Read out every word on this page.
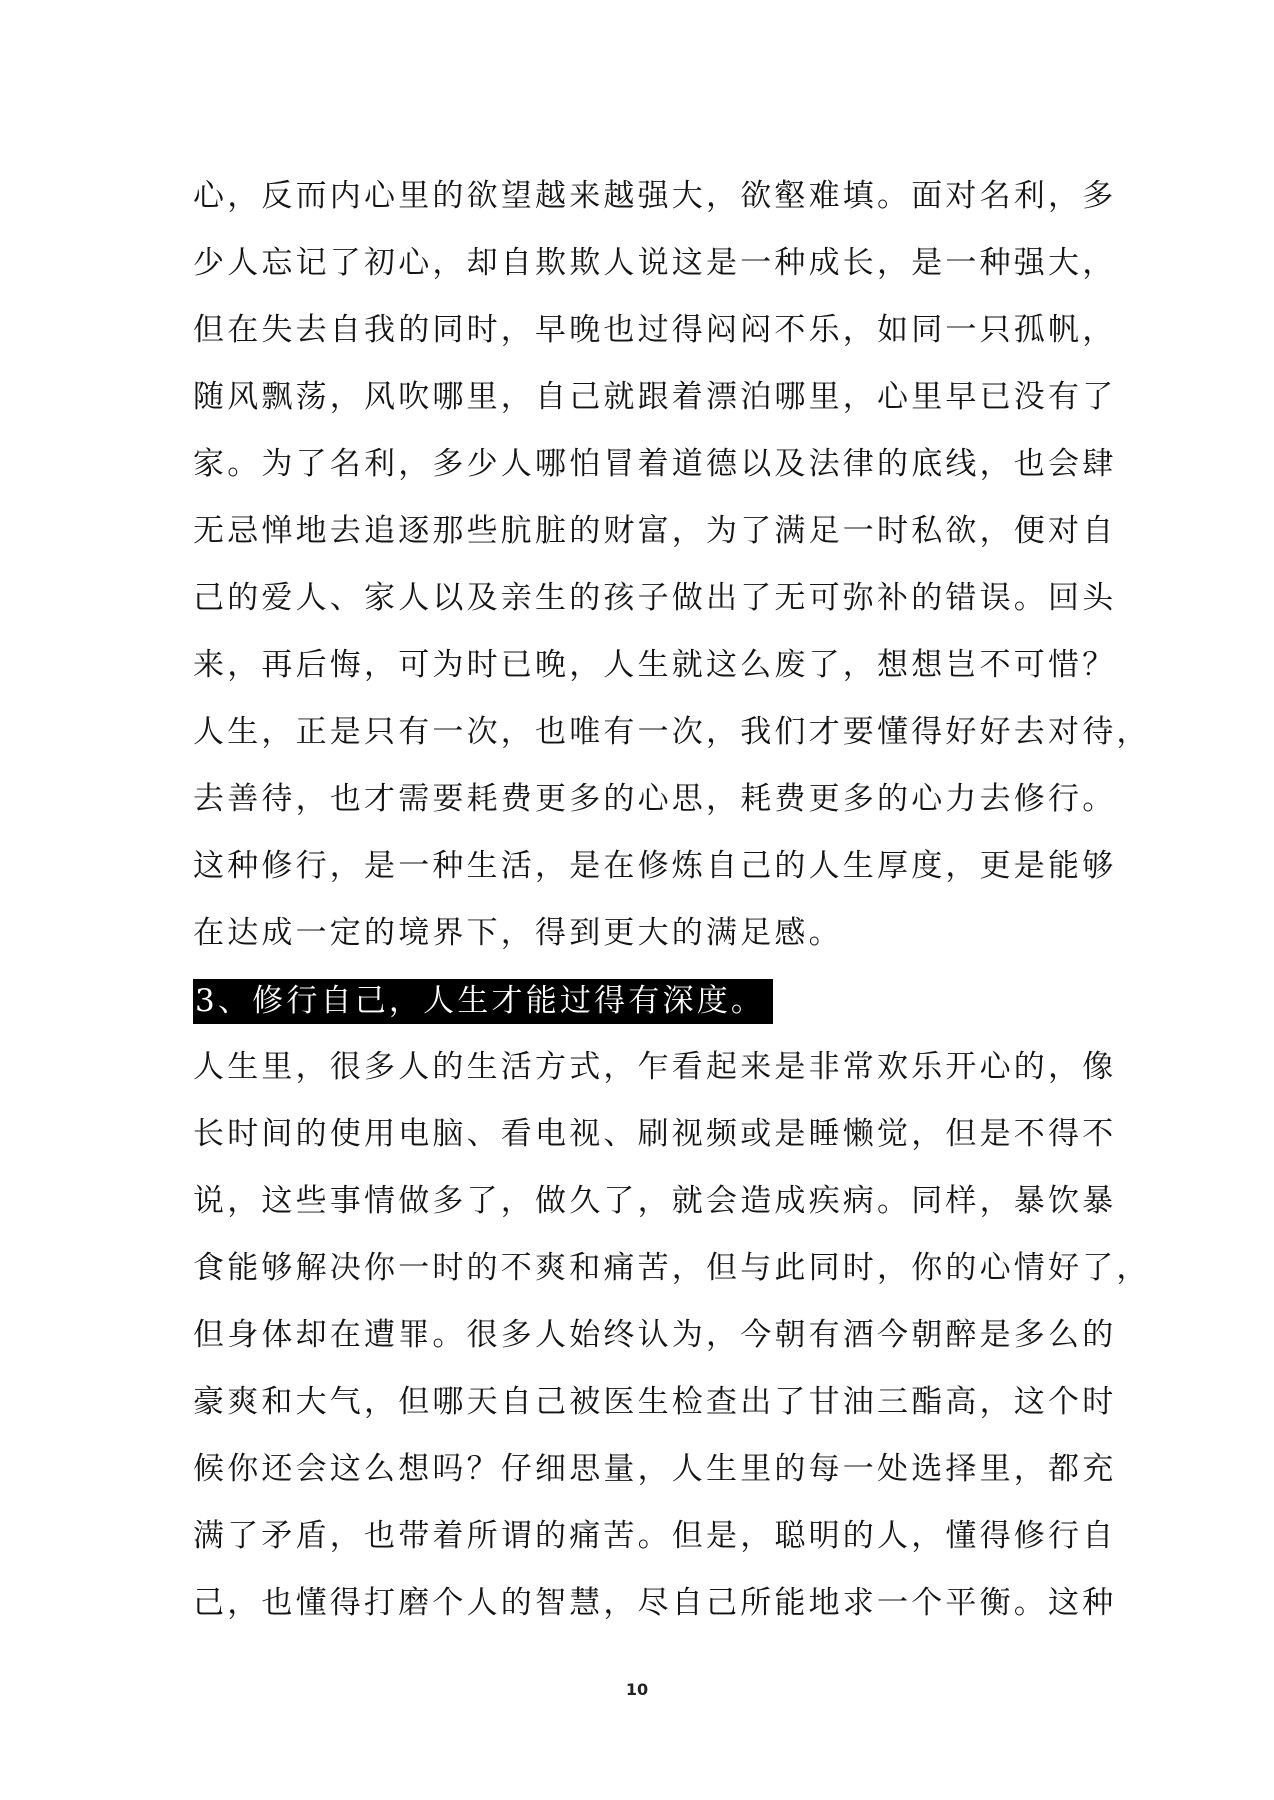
心，反而内心里的欲望越来越强大，欲壑难填。面对名利，多
少人忘记了初心，却自欺欺人说这是一种成长，是一种强大，
但在失去自我的同时，早晚也过得闷闷不乐，如同一只孤帆，
随风飘荡，风吹哪里，自己就跟着漂泊哪里，心里早已没有了
家。为了名利，多少人哪怕冒着道德以及法律的底线，也会肆
无忌惮地去追逐那些肮脏的财富，为了满足一时私欲，便对自
己的爱人、家人以及亲生的孩子做出了无可弥补的错误。回头
来，再后悔，可为时已晚，人生就这么废了，想想岂不可惜？
人生，正是只有一次，也唯有一次，我们才要懂得好好去对待，
去善待，也才需要耗费更多的心思，耗费更多的心力去修行。
这种修行，是一种生活，是在修炼自己的人生厚度，更是能够
在达成一定的境界下，得到更大的满足感。
3、修行自己，人生才能过得有深度。
人生里，很多人的生活方式，乍看起来是非常欢乐开心的，像
长时间的使用电脑、看电视、刷视频或是睡懒觉，但是不得不
说，这些事情做多了，做久了，就会造成疾病。同样，暴饮暴
食能够解决你一时的不爽和痛苦，但与此同时，你的心情好了，
但身体却在遭罪。很多人始终认为，今朝有酒今朝醉是多么的
豪爽和大气，但哪天自己被医生检查出了甘油三酯高，这个时
候你还会这么想吗？仔细思量，人生里的每一处选择里，都充
满了矛盾，也带着所谓的痛苦。但是，聪明的人，懂得修行自
己，也懂得打磨个人的智慧，尽自己所能地求一个平衡。这种
10
